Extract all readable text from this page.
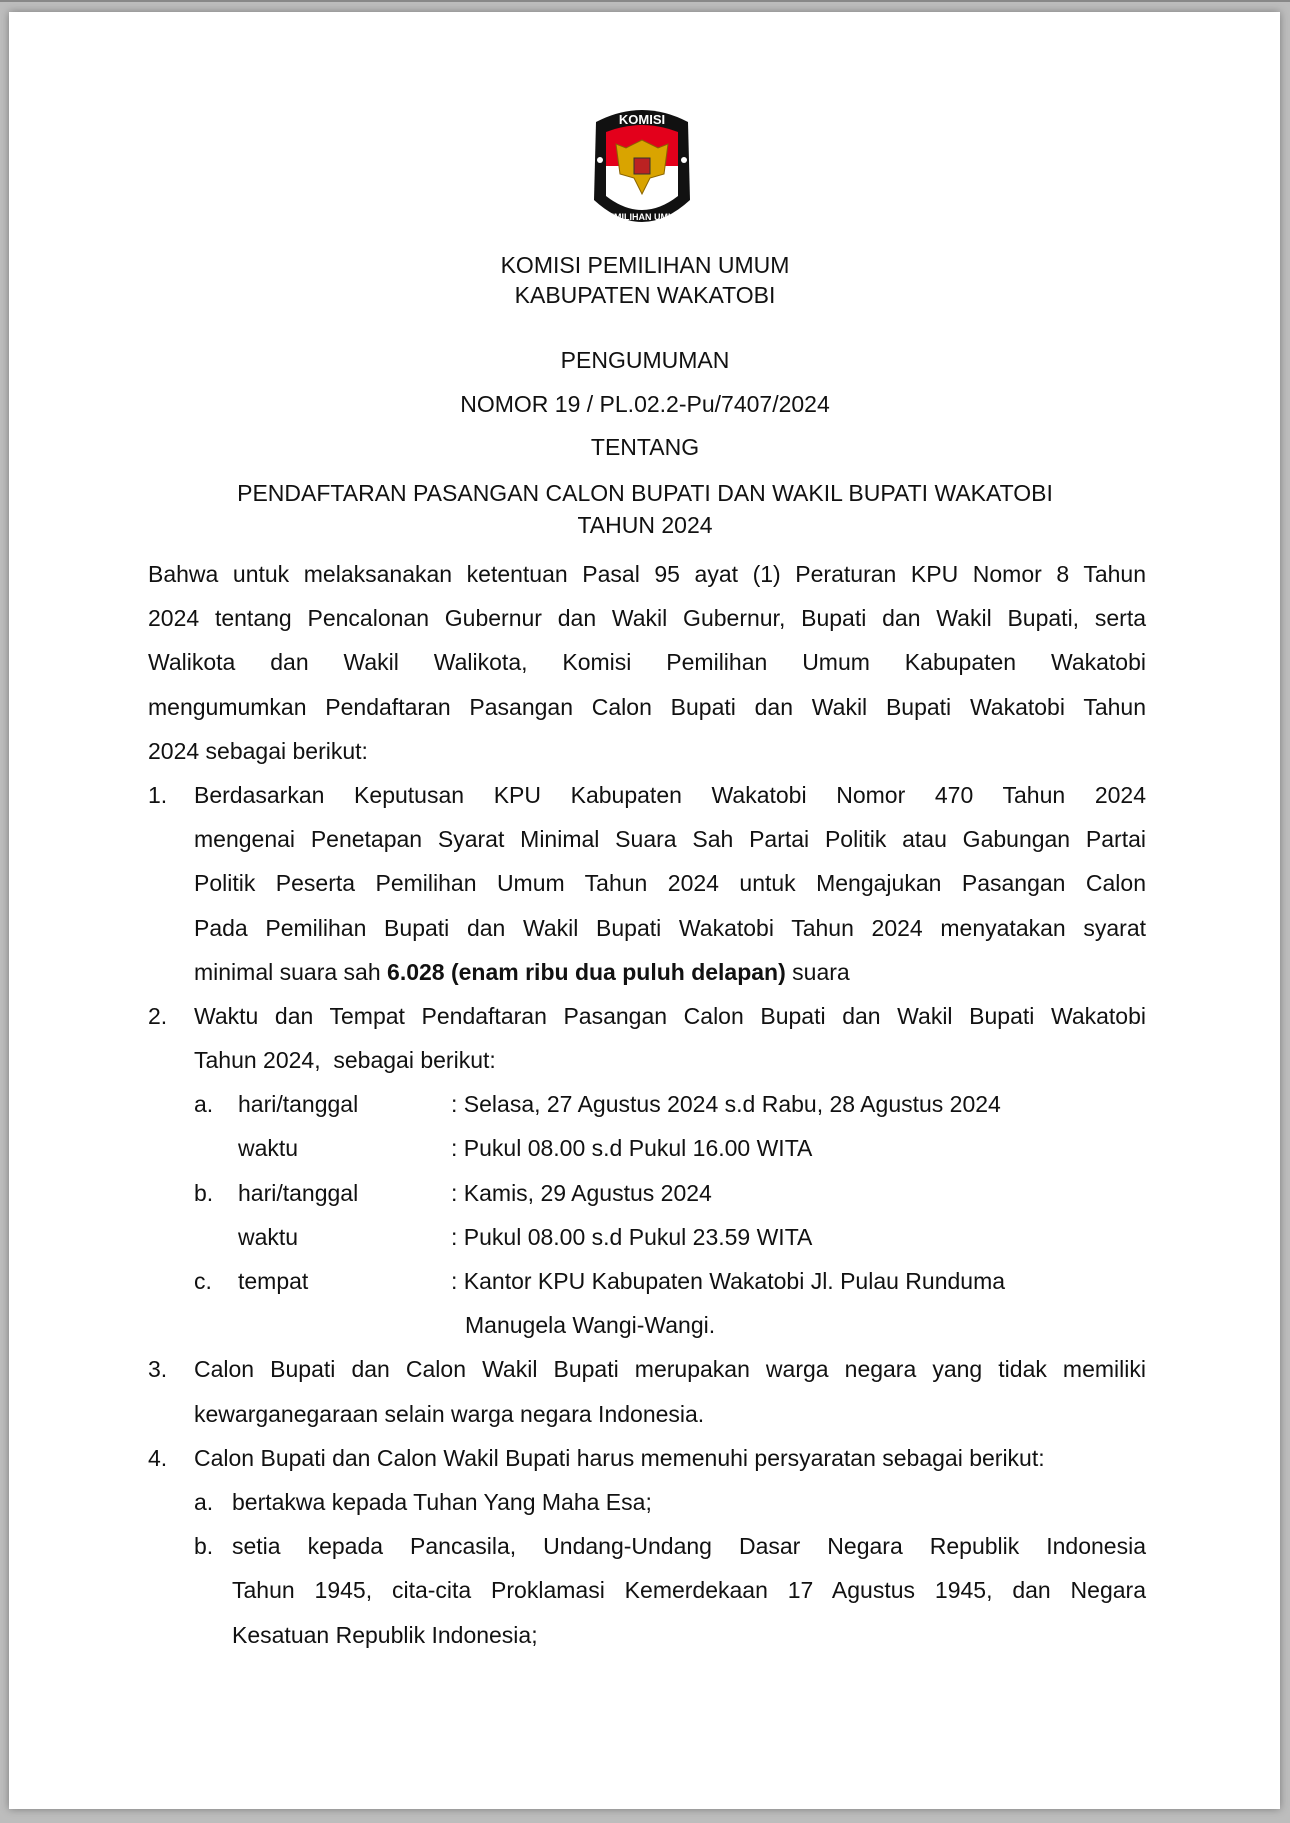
KOMISI
PEMILIHAN UMUM
KOMISI PEMILIHAN UMUM
KABUPATEN WAKATOBI
PENGUMUMAN
NOMOR 19 / PL.02.2-Pu/7407/2024
TENTANG
PENDAFTARAN PASANGAN CALON BUPATI DAN WAKIL BUPATI WAKATOBI
TAHUN 2024
Bahwa untuk melaksanakan ketentuan Pasal 95 ayat (1) Peraturan KPU Nomor 8 Tahun
2024 tentang Pencalonan Gubernur dan Wakil Gubernur, Bupati dan Wakil Bupati, serta
Walikota dan Wakil Walikota, Komisi Pemilihan Umum Kabupaten Wakatobi
mengumumkan Pendaftaran Pasangan Calon Bupati dan Wakil Bupati Wakatobi Tahun
2024 sebagai berikut:
1. Berdasarkan Keputusan KPU Kabupaten Wakatobi Nomor 470 Tahun 2024
mengenai Penetapan Syarat Minimal Suara Sah Partai Politik atau Gabungan Partai
Politik Peserta Pemilihan Umum Tahun 2024 untuk Mengajukan Pasangan Calon
Pada Pemilihan Bupati dan Wakil Bupati Wakatobi Tahun 2024 menyatakan syarat
minimal suara sah 6.028 (enam ribu dua puluh delapan) suara
2. Waktu dan Tempat Pendaftaran Pasangan Calon Bupati dan Wakil Bupati Wakatobi
Tahun 2024,  sebagai berikut:
a. hari/tanggal	: Selasa, 27 Agustus 2024 s.d Rabu, 28 Agustus 2024
waktu	: Pukul 08.00 s.d Pukul 16.00 WITA
b. hari/tanggal	: Kamis, 29 Agustus 2024
waktu	: Pukul 08.00 s.d Pukul 23.59 WITA
c. tempat	: Kantor KPU Kabupaten Wakatobi Jl. Pulau Runduma
Manugela Wangi-Wangi.
3. Calon Bupati dan Calon Wakil Bupati merupakan warga negara yang tidak memiliki
kewarganegaraan selain warga negara Indonesia.
4. Calon Bupati dan Calon Wakil Bupati harus memenuhi persyaratan sebagai berikut:
a. bertakwa kepada Tuhan Yang Maha Esa;
b. setia kepada Pancasila, Undang-Undang Dasar Negara Republik Indonesia
Tahun 1945, cita-cita Proklamasi Kemerdekaan 17 Agustus 1945, dan Negara
Kesatuan Republik Indonesia;
